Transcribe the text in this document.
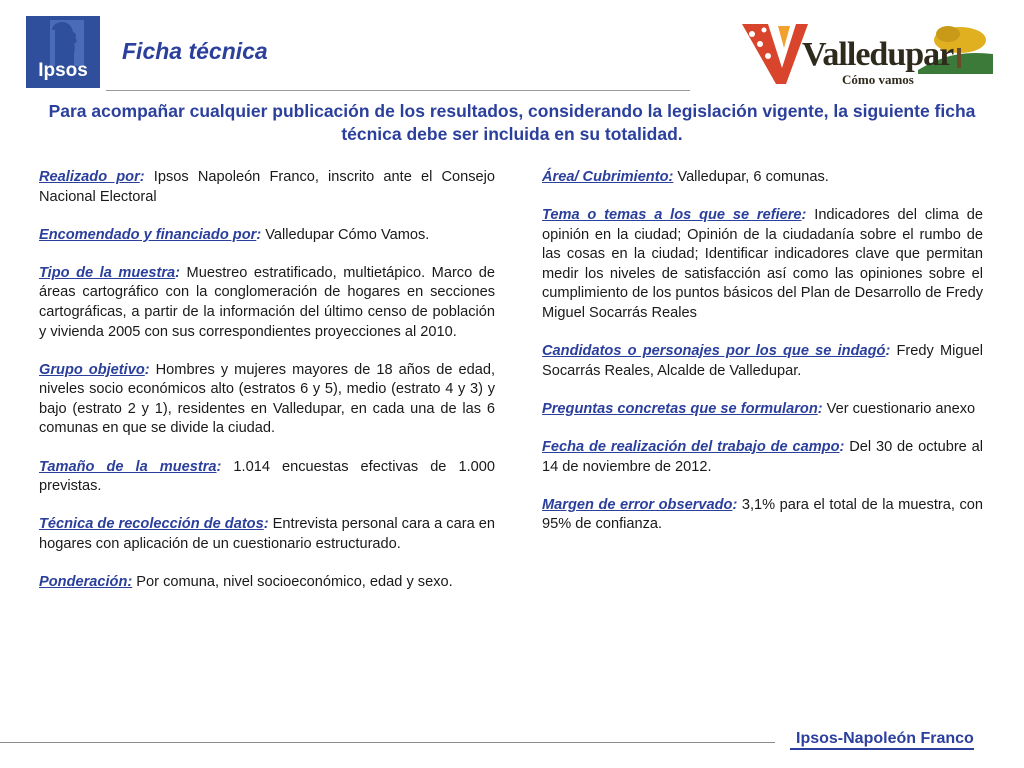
Ipsos
Ficha técnica	Valledupar
Cómo vamos
Para acompañar cualquier publicación de los resultados, considerando la legislación vigente, la siguiente ficha técnica debe ser incluida en su totalidad.

Realizado por: Ipsos Napoleón Franco, inscrito ante el Consejo Nacional Electoral

Encomendado y financiado por: Valledupar Cómo Vamos.

Tipo de la muestra: Muestreo estratificado, multietápico. Marco de áreas cartográfico con la conglomeración de hogares en secciones cartográficas, a partir de la información del último censo de población y vivienda 2005 con sus correspondientes proyecciones al 2010.

Grupo objetivo: Hombres y mujeres mayores de 18 años de edad, niveles socio económicos alto (estratos 6 y 5), medio (estrato 4 y 3) y bajo (estrato 2 y 1), residentes en Valledupar, en cada una de las 6 comunas en que se divide la ciudad.

Tamaño de la muestra: 1.014 encuestas efectivas de 1.000 previstas.

Técnica de recolección de datos: Entrevista personal cara a cara en hogares con aplicación de un cuestionario estructurado.

Ponderación: Por comuna, nivel socioeconómico, edad y sexo.

Área/ Cubrimiento: Valledupar, 6 comunas.

Tema o temas a los que se refiere: Indicadores del clima de opinión en la ciudad; Opinión de la ciudadanía sobre el rumbo de las cosas en la ciudad; Identificar indicadores clave que permitan medir los niveles de satisfacción así como las opiniones sobre el cumplimiento de los puntos básicos del Plan de Desarrollo de Fredy Miguel Socarrás Reales

Candidatos o personajes por los que se indagó: Fredy Miguel Socarrás Reales, Alcalde de Valledupar.

Preguntas concretas que se formularon: Ver cuestionario anexo

Fecha de realización del trabajo de campo: Del 30 de octubre al 14 de noviembre de 2012.

Margen de error observado: 3,1% para el total de la muestra, con 95% de confianza.

Ipsos-Napoleón Franco
